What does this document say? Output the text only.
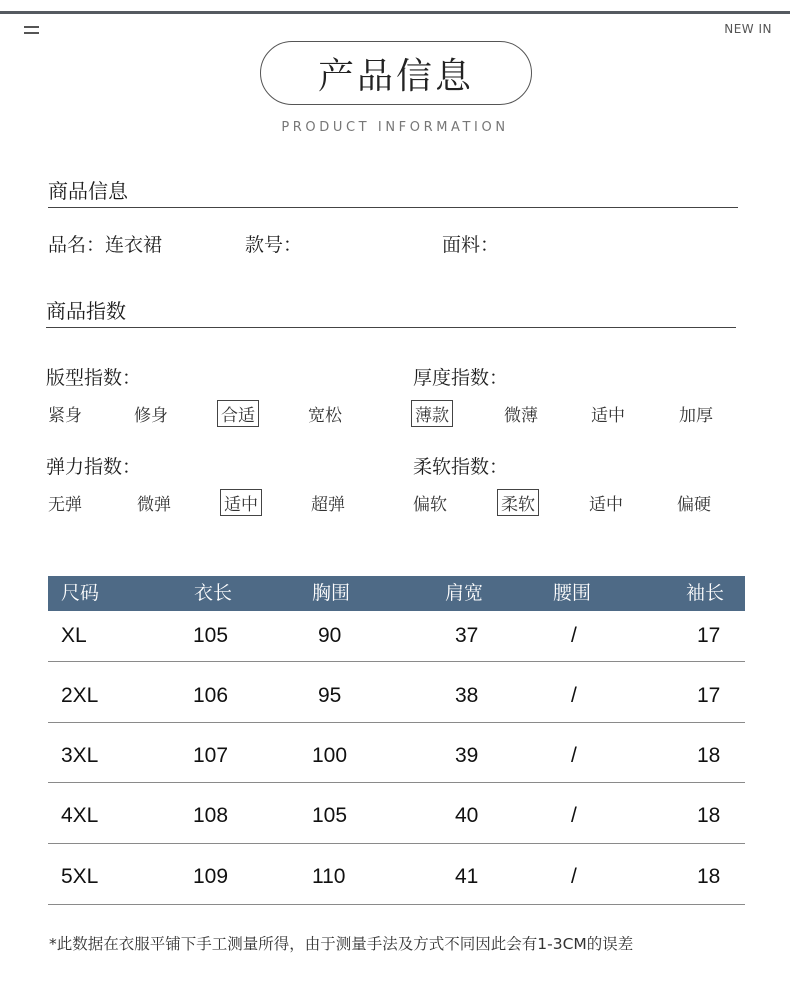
NEW IN
产品信息
PRODUCT INFORMATION
商品信息
品名：连衣裙	款号：	面料：
商品指数
版型指数：
紧身	修身	合适	宽松
厚度指数：
薄款	微薄	适中	加厚
弹力指数：
无弹	微弹	适中	超弹
柔软指数：
偏软	柔软	适中	偏硬
尺码	衣长	胸围	肩宽	腰围	袖长
XL	105	90	37	/	17
2XL	106	95	38	/	17
3XL	107	100	39	/	18
4XL	108	105	40	/	18
5XL	109	110	41	/	18
*此数据在衣服平铺下手工测量所得，由于测量手法及方式不同因此会有1-3CM的误差
